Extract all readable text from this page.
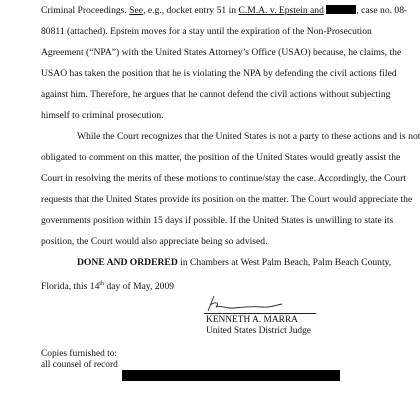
Criminal Proceedings. See, e.g., docket entry 51 in C.M.A. v. Epstein and	, case no. 08-
80811 (attached). Epstein moves for a stay until the expiration of the Non-Prosecution
Agreement (“NPA”) with the United States Attorney’s Office (USAO) because, he claims, the
USAO has taken the position that he is violating the NPA by defending the civil actions filed
against him. Therefore, he argues that he cannot defend the civil actions without subjecting
himself to criminal prosecution.
While the Court recognizes that the United States is not a party to these actions and is not
obligated to comment on this matter, the position of the United States would greatly assist the
Court in resolving the merits of these motions to continue/stay the case. Accordingly, the Court
requests that the United States provide its position on the matter. The Court would appreciate the
governments position within 15 days if possible. If the United States is unwilling to state its
position, the Court would also appreciate being so advised.
DONE AND ORDERED in Chambers at West Palm Beach, Palm Beach County,
Florida, this 14th day of May, 2009
KENNETH A. MARRA
United States District Judge
Copies furnished to:
all counsel of record
